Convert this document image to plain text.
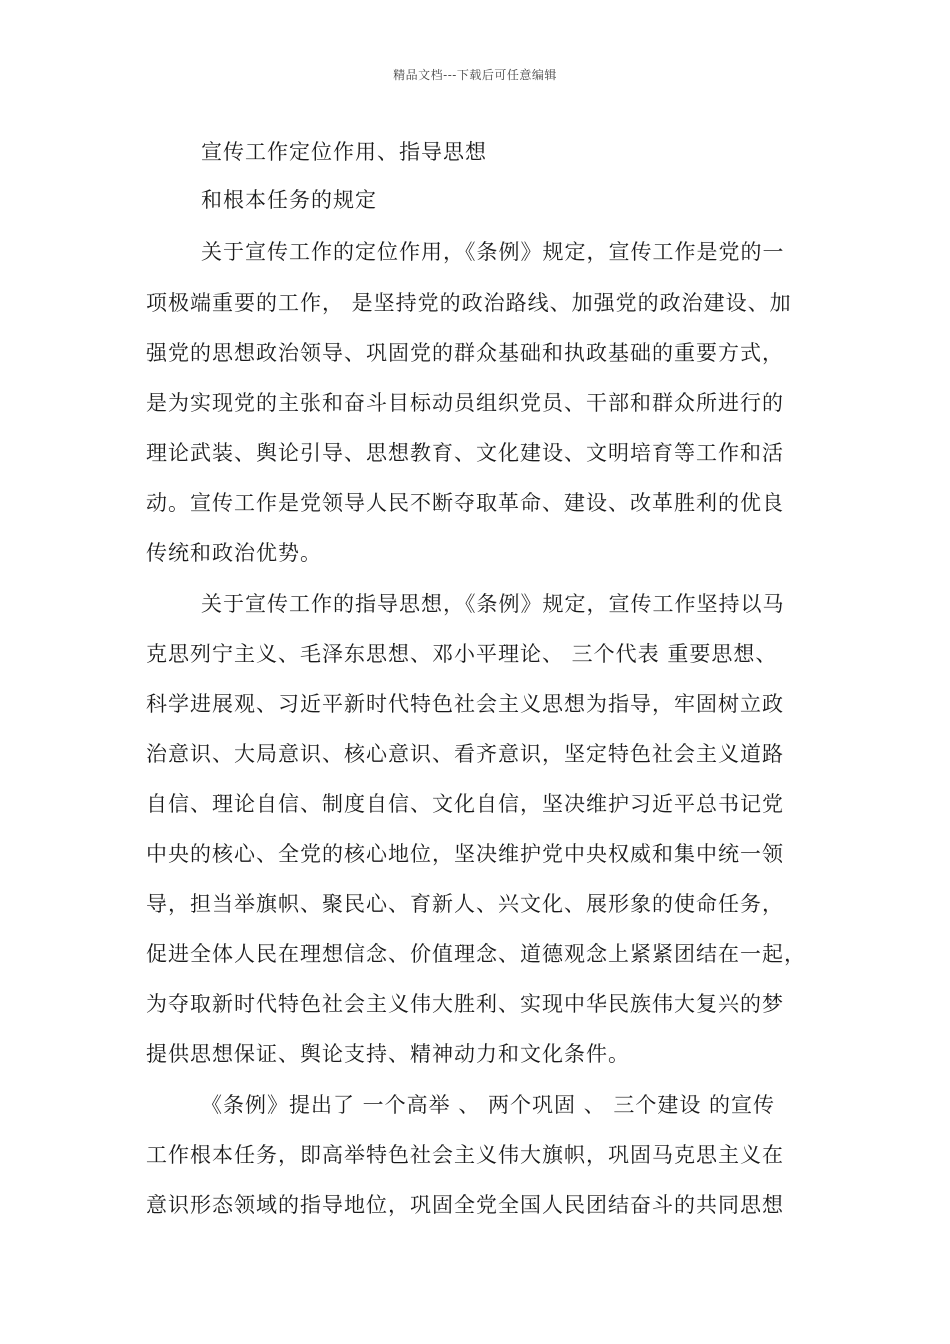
精品文档---下载后可任意编辑
宣传工作定位作用、指导思想
和根本任务的规定
关于宣传工作的定位作用，《条例》规定，宣传工作是党的一
项极端重要的工作， 是坚持党的政治路线、加强党的政治建设、加
强党的思想政治领导、巩固党的群众基础和执政基础的重要方式，
是为实现党的主张和奋斗目标动员组织党员、干部和群众所进行的
理论武装、舆论引导、思想教育、文化建设、文明培育等工作和活
动。宣传工作是党领导人民不断夺取革命、建设、改革胜利的优良
传统和政治优势。
关于宣传工作的指导思想，《条例》规定，宣传工作坚持以马
克思列宁主义、毛泽东思想、邓小平理论、 三个代表 重要思想、
科学进展观、习近平新时代特色社会主义思想为指导，牢固树立政
治意识、大局意识、核心意识、看齐意识，坚定特色社会主义道路
自信、理论自信、制度自信、文化自信，坚决维护习近平总书记党
中央的核心、全党的核心地位，坚决维护党中央权威和集中统一领
导，担当举旗帜、聚民心、育新人、兴文化、展形象的使命任务，
促进全体人民在理想信念、价值理念、道德观念上紧紧团结在一起，
为夺取新时代特色社会主义伟大胜利、实现中华民族伟大复兴的梦
提供思想保证、舆论支持、精神动力和文化条件。
《条例》提出了 一个高举 、 两个巩固 、 三个建设 的宣传
工作根本任务，即高举特色社会主义伟大旗帜，巩固马克思主义在
意识形态领域的指导地位，巩固全党全国人民团结奋斗的共同思想
